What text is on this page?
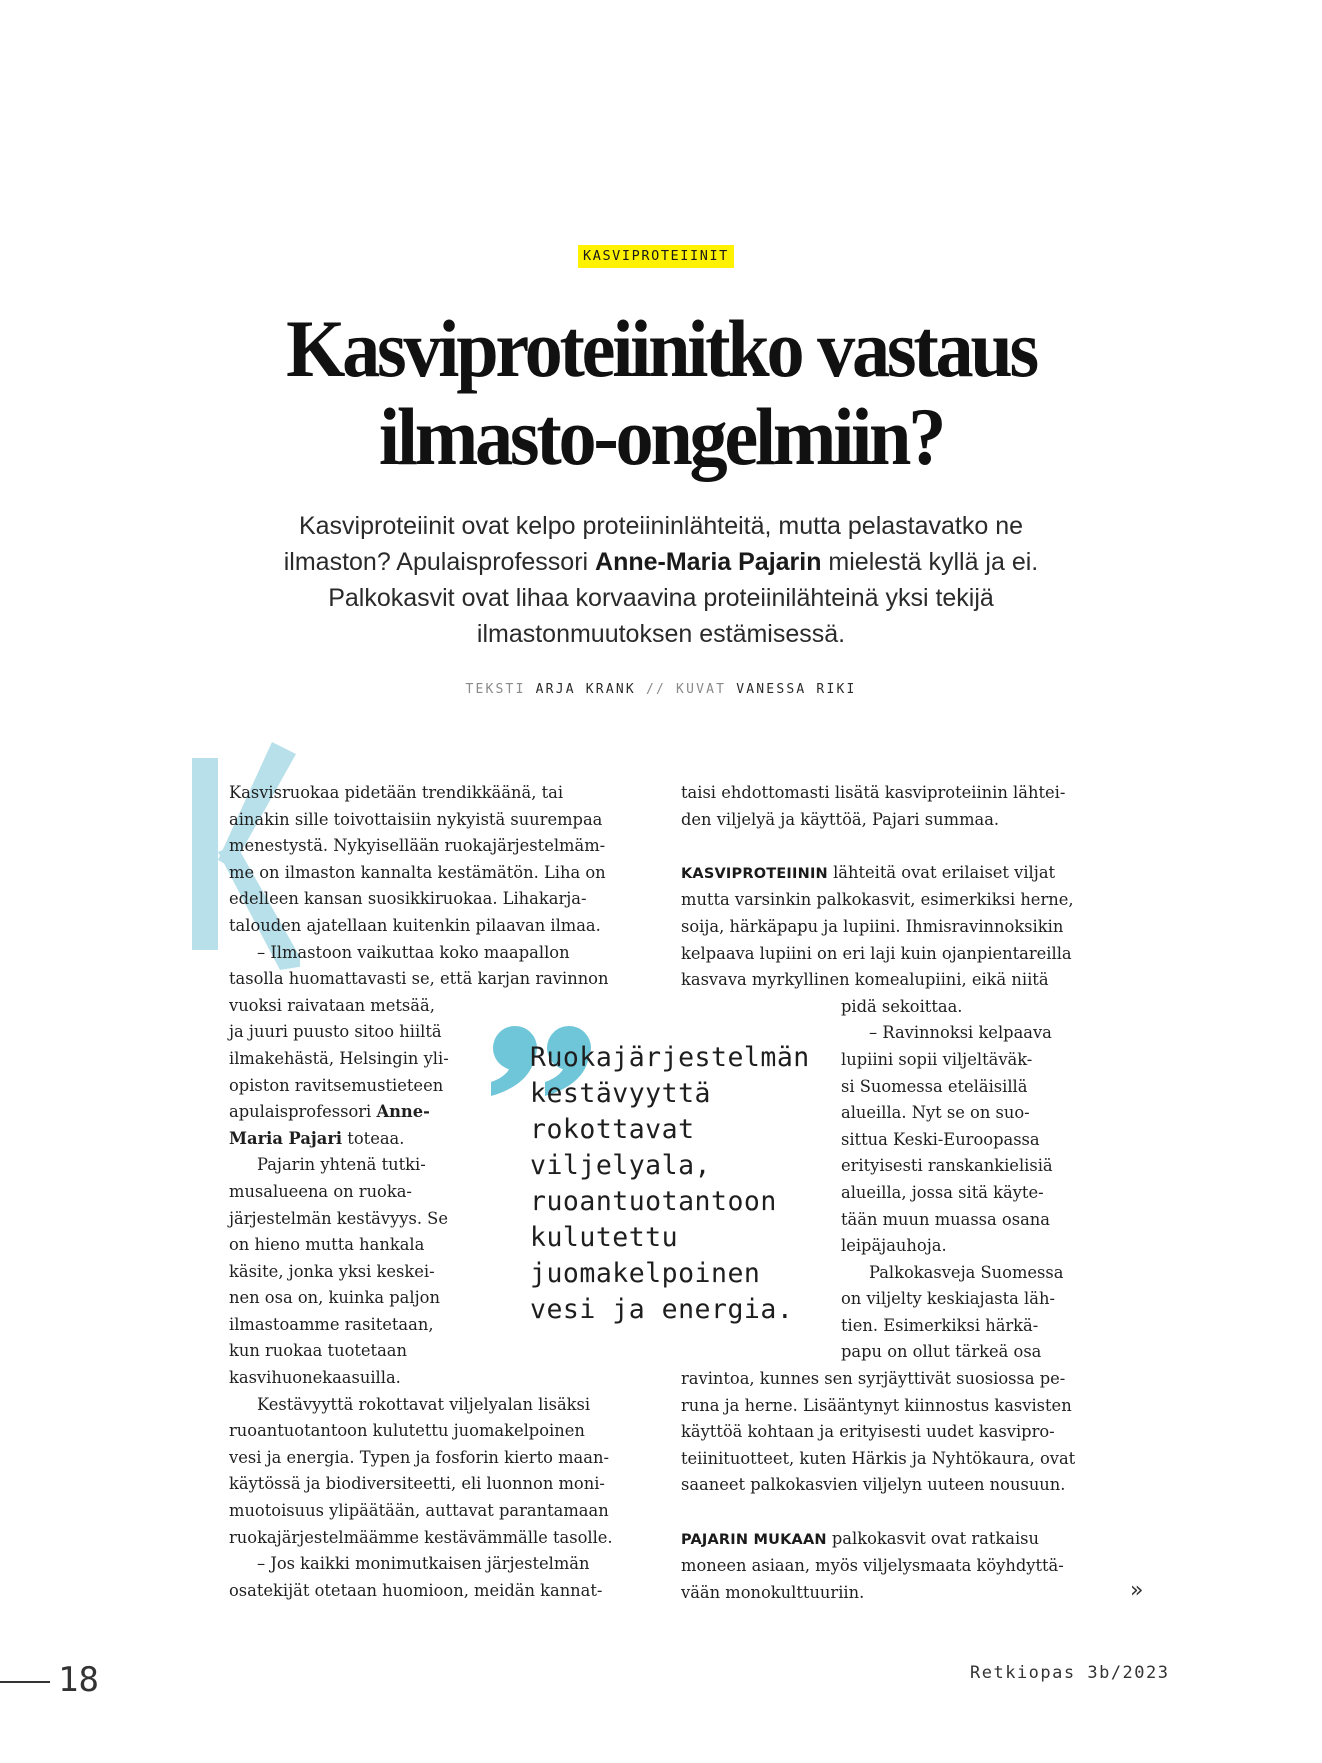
KASVIPROTEIINIT
Kasviproteiinitko vastaus
ilmasto-ongelmiin?

Kasviproteiinit ovat kelpo proteiininlähteitä, mutta pelastavatko ne ilmaston? Apulaisprofessori Anne-Maria Pajarin mielestä kyllä ja ei. Palkokasvit ovat lihaa korvaavina proteiinilähteinä yksi tekijä ilmastonmuutoksen estämisessä.

TEKSTI ARJA KRANK // KUVAT VANESSA RIKI

Kasvisruokaa pidetään trendikkäänä, tai
ainakin sille toivottaisiin nykyistä suurempaa
menestystä. Nykyisellään ruokajärjestelmäm-
me on ilmaston kannalta kestämätön. Liha on
edelleen kansan suosikkiruokaa. Lihakarja-
talouden ajatellaan kuitenkin pilaavan ilmaa.

– Ilmastoon vaikuttaa koko maapallon
tasolla huomattavasti se, että karjan ravinnon
vuoksi raivataan metsää,
ja juuri puusto sitoo hiiltä
ilmakehästä, Helsingin yli-
opiston ravitsemustieteen
apulaisprofessori Anne-
Maria Pajari toteaa.

Pajarin yhtenä tutki-
musalueena on ruoka-
järjestelmän kestävyys. Se
on hieno mutta hankala
käsite, jonka yksi keskei-
nen osa on, kuinka paljon
ilmastoamme rasitetaan,
kun ruokaa tuotetaan
kasvihuonekaasuilla.

Kestävyyttä rokottavat viljelyalan lisäksi
ruoantuotantoon kulutettu juomakelpoinen
vesi ja energia. Typen ja fosforin kierto maan-
käytössä ja biodiversiteetti, eli luonnon moni-
muotoisuus ylipäätään, auttavat parantamaan
ruokajärjestelmäämme kestävämmälle tasolle.

– Jos kaikki monimutkaisen järjestelmän
osatekijät otetaan huomioon, meidän kannat-

Ruokajärjestelmän
kestävyyttä
rokottavat
viljelyala,
ruoantuotantoon
kulutettu
juomakelpoinen
vesi ja energia.

taisi ehdottomasti lisätä kasviproteiinin lähtei-
den viljelyä ja käyttöä, Pajari summaa.

KASVIPROTEIININ lähteitä ovat erilaiset viljat
mutta varsinkin palkokasvit, esimerkiksi herne,
soija, härkäpapu ja lupiini. Ihmisravinnoksikin
kelpaava lupiini on eri laji kuin ojanpientareilla
kasvava myrkyllinen komealupiini, eikä niitä
pidä sekoittaa.

– Ravinnoksi kelpaava
lupiini sopii viljeltäväk-
si Suomessa eteläisillä
alueilla. Nyt se on suo-
sittua Keski-Euroopassa
erityisesti ranskankielisiä
alueilla, jossa sitä käyte-
tään muun muassa osana
leipäjauhoja.

Palkokasveja Suomessa
on viljelty keskiajasta läh-
tien. Esimerkiksi härkä-
papu on ollut tärkeä osa
ravintoa, kunnes sen syrjäyttivät suosiossa pe-
runa ja herne. Lisääntynyt kiinnostus kasvisten
käyttöä kohtaan ja erityisesti uudet kasvipro-
teiinituotteet, kuten Härkis ja Nyhtökaura, ovat
saaneet palkokasvien viljelyn uuteen nousuun.

PAJARIN MUKAAN palkokasvit ovat ratkaisu
moneen asiaan, myös viljelysmaata köyhdyttä-
vään monokulttuuriin.	»
18	Retkiopas 3b/2023
